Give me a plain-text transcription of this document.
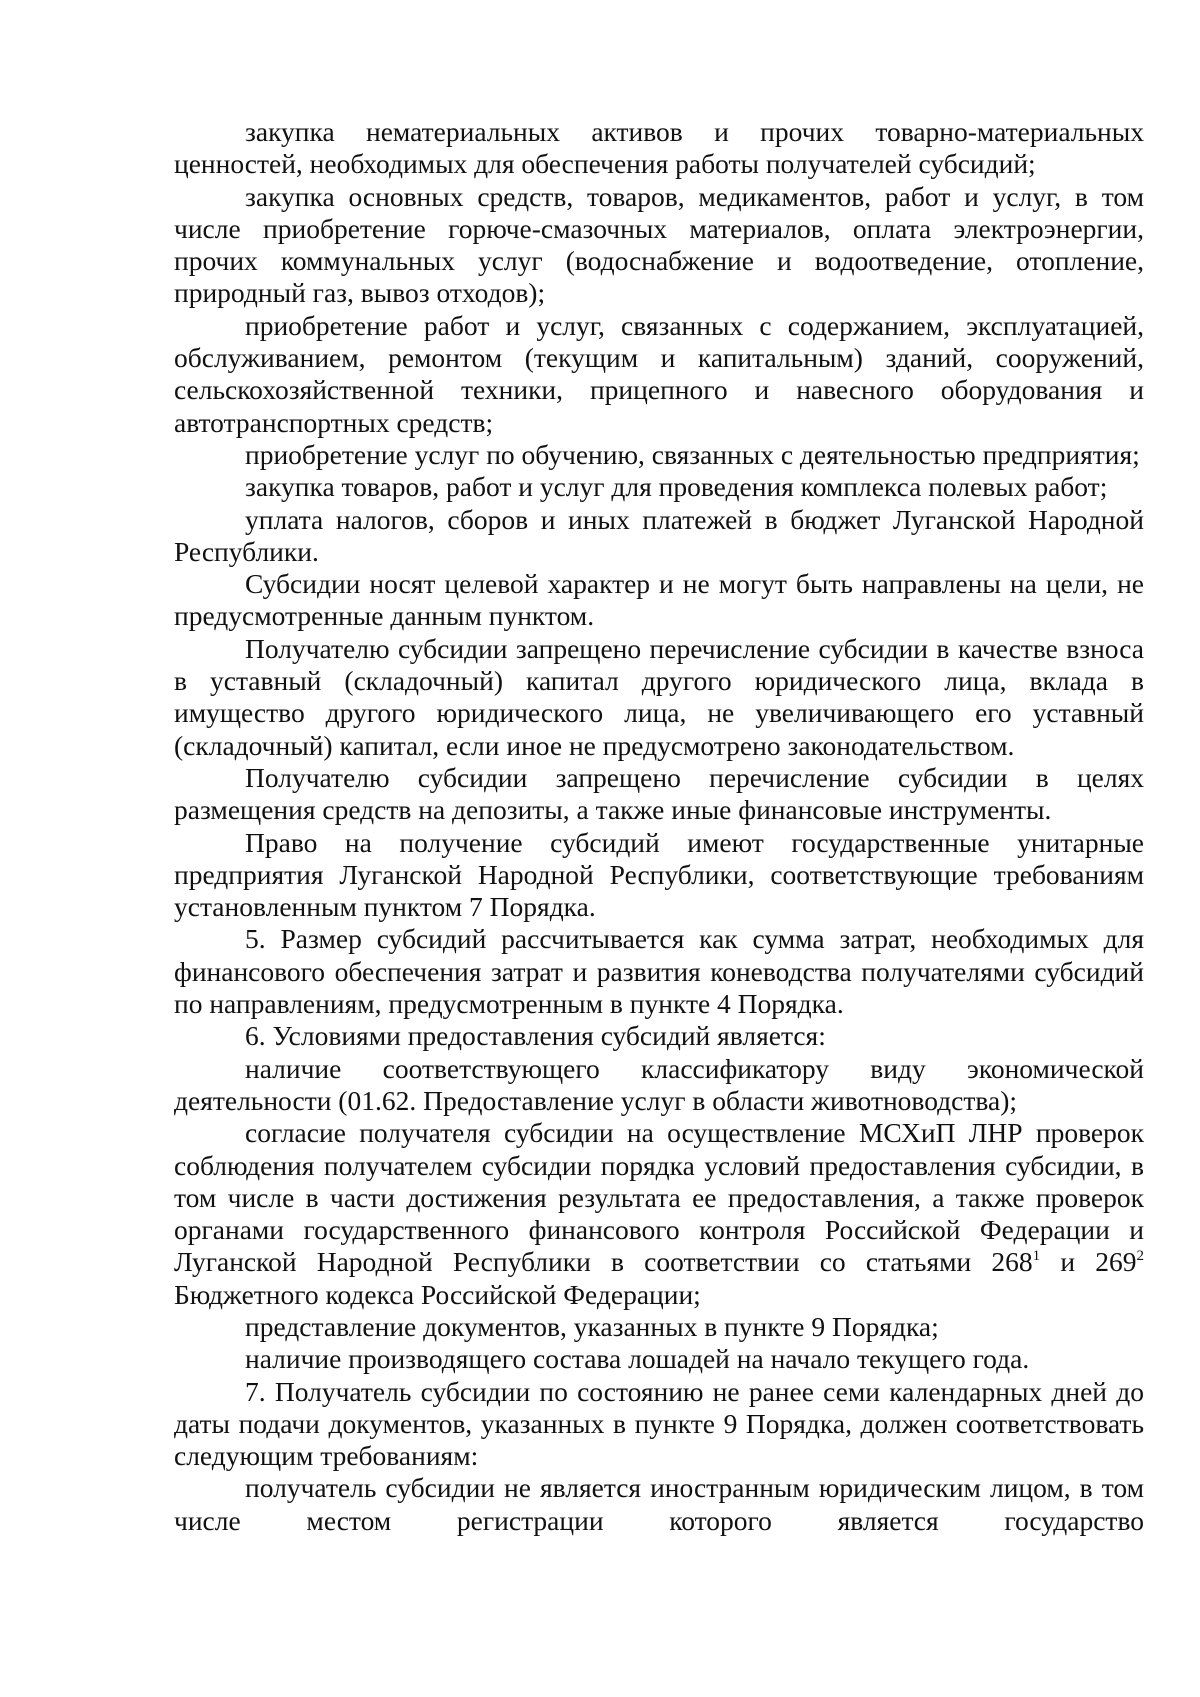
закупка нематериальных активов и прочих товарно-материальных ценностей, необходимых для обеспечения работы получателей субсидий;

закупка основных средств, товаров, медикаментов, работ и услуг, в том числе приобретение горюче-смазочных материалов, оплата электроэнергии, прочих коммунальных услуг (водоснабжение и водоотведение, отопление, природный газ, вывоз отходов);

приобретение работ и услуг, связанных с содержанием, эксплуатацией, обслуживанием, ремонтом (текущим и капитальным) зданий, сооружений, сельскохозяйственной техники, прицепного и навесного оборудования и автотранспортных средств;

приобретение услуг по обучению, связанных с деятельностью предприятия;

закупка товаров, работ и услуг для проведения комплекса полевых работ;

уплата налогов, сборов и иных платежей в бюджет Луганской Народной Республики.

Субсидии носят целевой характер и не могут быть направлены на цели, не предусмотренные данным пунктом.

Получателю субсидии запрещено перечисление субсидии в качестве взноса в уставный (складочный) капитал другого юридического лица, вклада в имущество другого юридического лица, не увеличивающего его уставный (складочный) капитал, если иное не предусмотрено законодательством.

Получателю субсидии запрещено перечисление субсидии в целях размещения средств на депозиты, а также иные финансовые инструменты.

Право на получение субсидий имеют государственные унитарные предприятия Луганской Народной Республики, соответствующие требованиям установленным пунктом 7 Порядка.

5. Размер субсидий рассчитывается как сумма затрат, необходимых для финансового обеспечения затрат и развития коневодства получателями субсидий по направлениям, предусмотренным в пункте 4 Порядка.

6. Условиями предоставления субсидий является:

наличие соответствующего классификатору виду экономической деятельности (01.62. Предоставление услуг в области животноводства);

согласие получателя субсидии на осуществление МСХиП ЛНР проверок соблюдения получателем субсидии порядка условий предоставления субсидии, в том числе в части достижения результата ее предоставления, а также проверок органами государственного финансового контроля Российской Федерации и Луганской Народной Республики в соответствии со статьями $268^1$ и $269^2$ Бюджетного кодекса Российской Федерации;

представление документов, указанных в пункте 9 Порядка;

наличие производящего состава лошадей на начало текущего года.

7. Получатель субсидии по состоянию не ранее семи календарных дней до даты подачи документов, указанных в пункте 9 Порядка, должен соответствовать следующим требованиям:

получатель субсидии не является иностранным юридическим лицом, в том числе местом регистрации которого является государство
